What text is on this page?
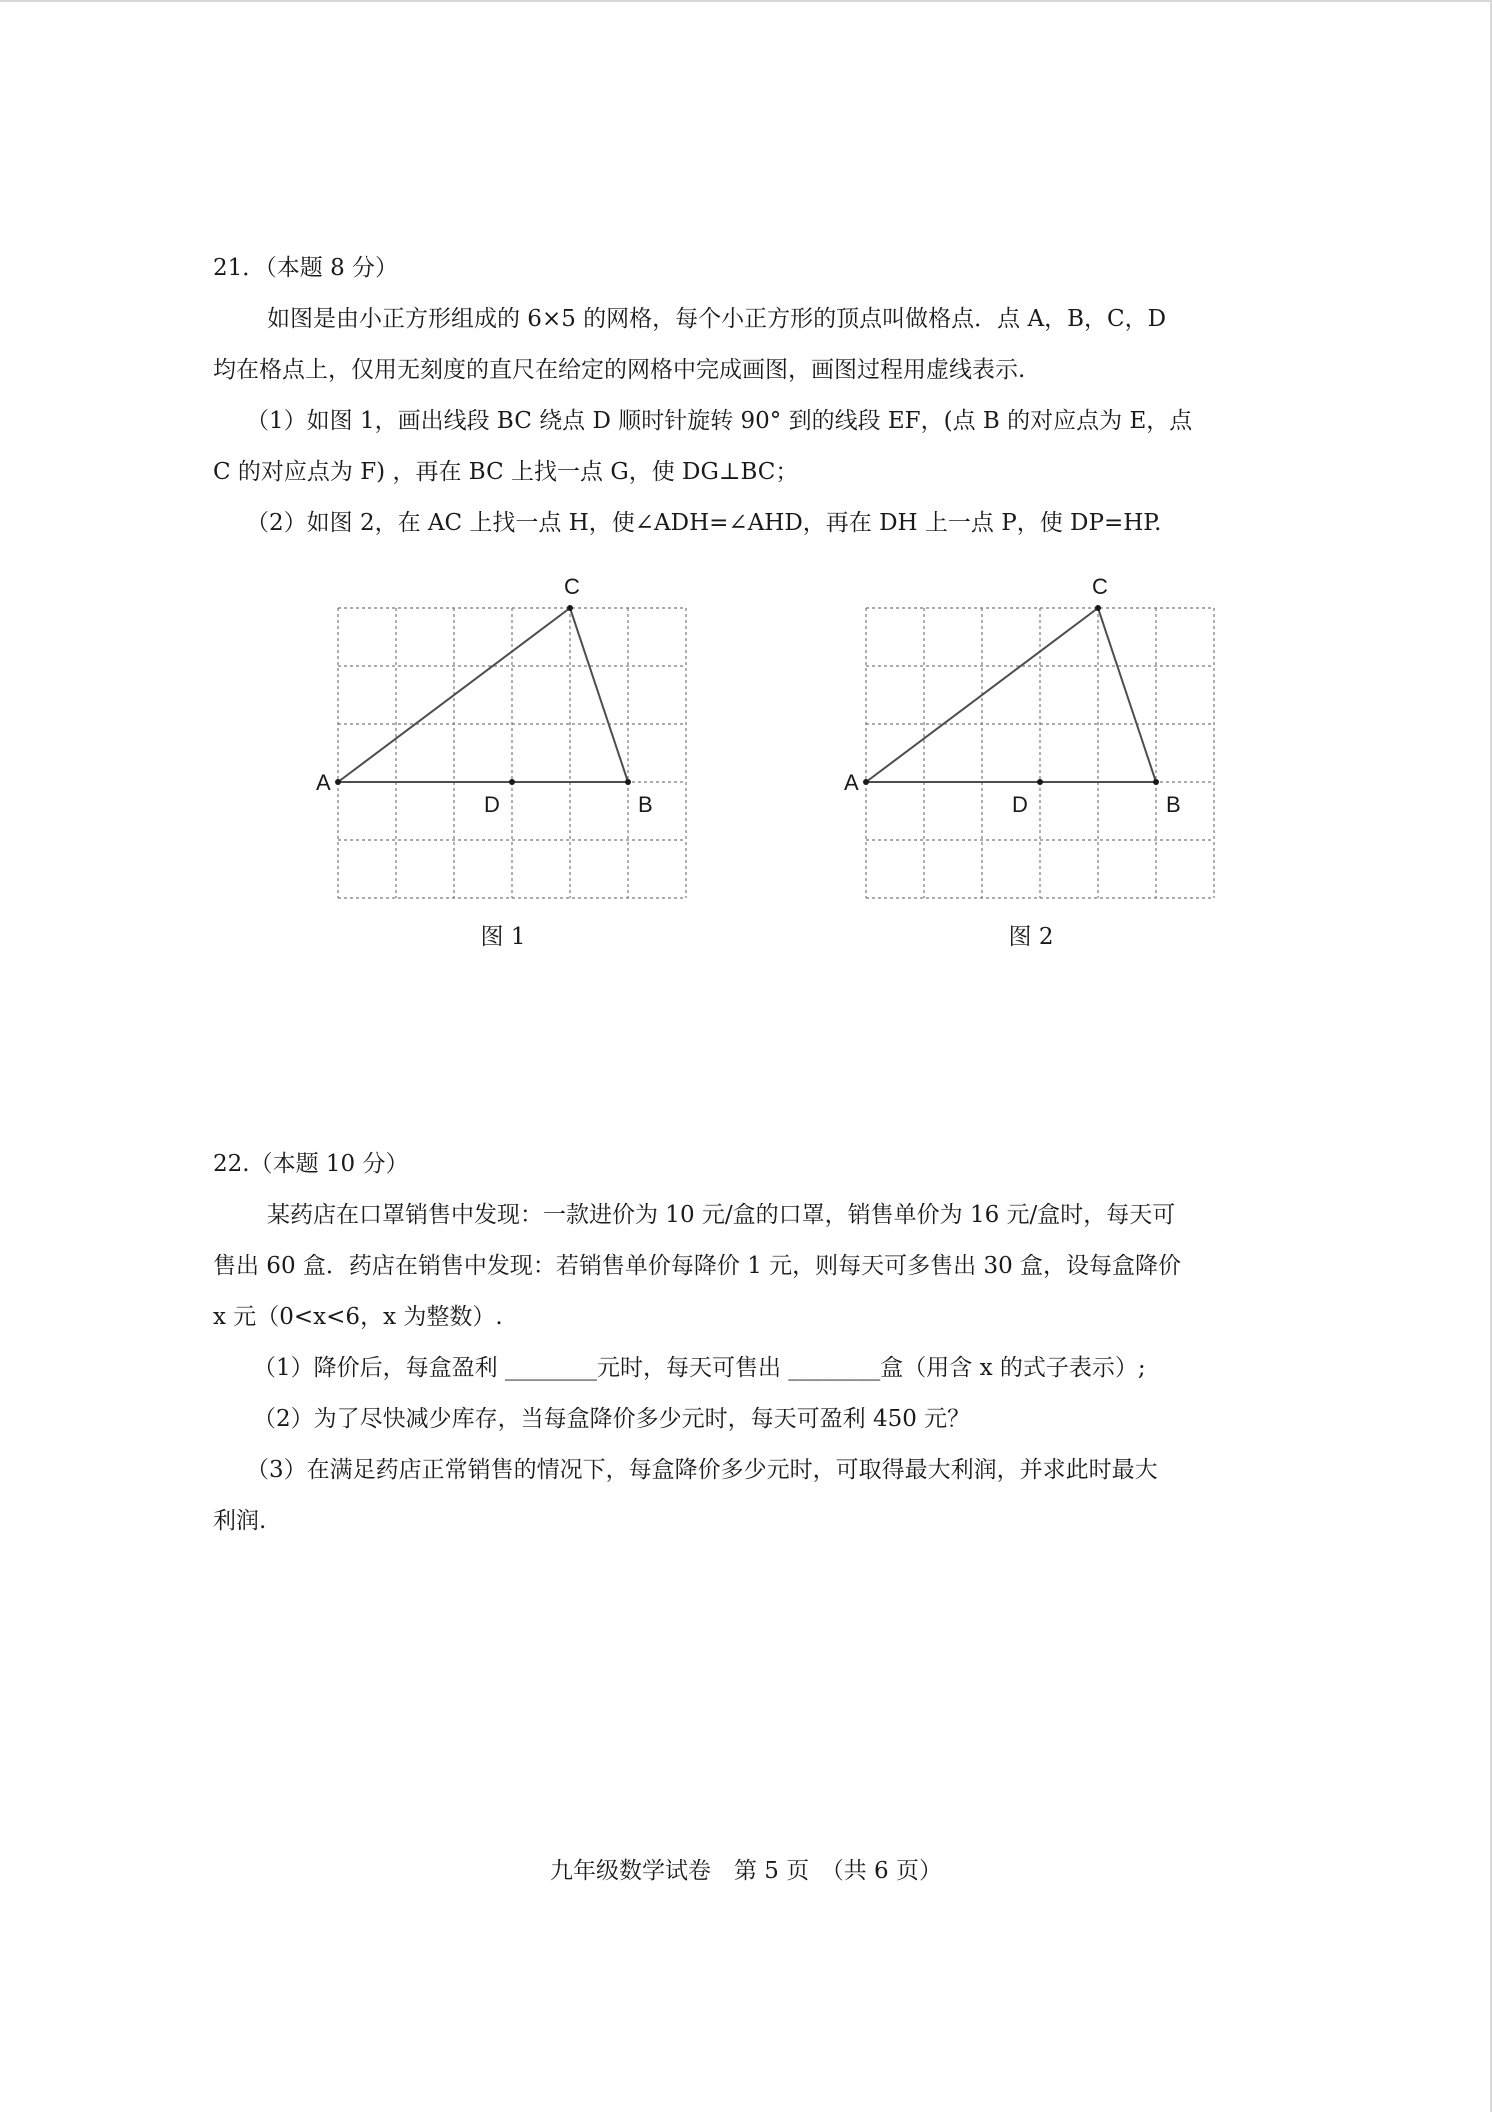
21．（本题 8 分）
如图是由小正方形组成的 6×5 的网格，每个小正方形的顶点叫做格点．点 A，B，C，D
均在格点上，仅用无刻度的直尺在给定的网格中完成画图，画图过程用虚线表示.
（1）如图 1，画出线段 BC 绕点 D 顺时针旋转 90° 到的线段 EF，(点 B 的对应点为 E，点
C 的对应点为 F) ，再在 BC 上找一点 G，使 DG⊥BC；
（2）如图 2，在 AC 上找一点 H，使∠ADH=∠AHD，再在 DH 上一点 P，使 DP=HP.
A
B
C
D
图 1
A
B
C
D
图 2
22.（本题 10 分）
某药店在口罩销售中发现：一款进价为 10 元/盒的口罩，销售单价为 16 元/盒时，每天可
售出 60 盒．药店在销售中发现：若销售单价每降价 1 元，则每天可多售出 30 盒，设每盒降价
x 元（0<x<6，x 为整数）.
（1）降价后，每盒盈利 ________元时，每天可售出 ________盒（用含 x 的式子表示）;
（2）为了尽快减少库存，当每盒降价多少元时，每天可盈利 450 元？
（3）在满足药店正常销售的情况下，每盒降价多少元时，可取得最大利润，并求此时最大
利润.
九年级数学试卷　第 5 页　（共 6 页）
